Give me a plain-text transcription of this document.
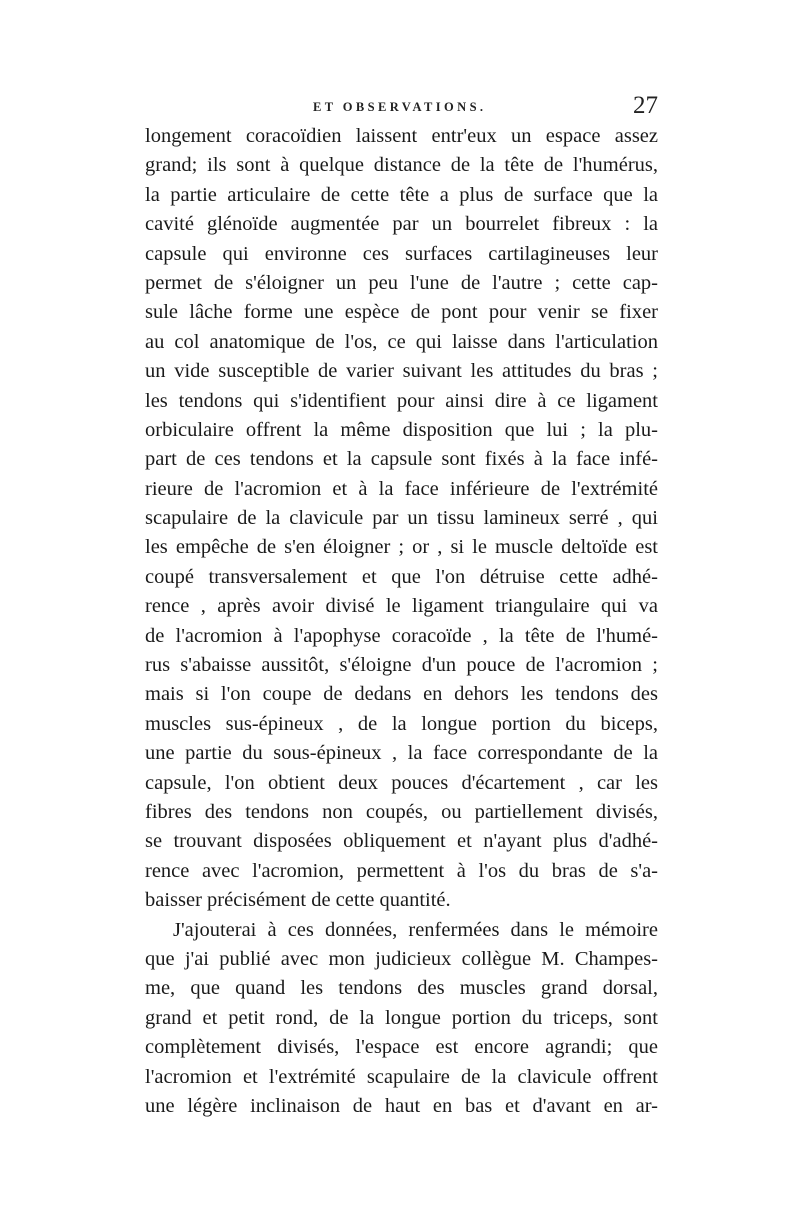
ET OBSERVATIONS.	27
longement coracoïdien laissent entr'eux un espace assez
grand; ils sont à quelque distance de la tête de l'humérus,
la partie articulaire de cette tête a plus de surface que la
cavité glénoïde augmentée par un bourrelet fibreux : la
capsule qui environne ces surfaces cartilagineuses leur
permet de s'éloigner un peu l'une de l'autre ; cette cap-
sule lâche forme une espèce de pont pour venir se fixer
au col anatomique de l'os, ce qui laisse dans l'articulation
un vide susceptible de varier suivant les attitudes du bras ;
les tendons qui s'identifient pour ainsi dire à ce ligament
orbiculaire offrent la même disposition que lui ; la plu-
part de ces tendons et la capsule sont fixés à la face infé-
rieure de l'acromion et à la face inférieure de l'extrémité
scapulaire de la clavicule par un tissu lamineux serré , qui
les empêche de s'en éloigner ; or , si le muscle deltoïde est
coupé transversalement et que l'on détruise cette adhé-
rence , après avoir divisé le ligament triangulaire qui va
de l'acromion à l'apophyse coracoïde , la tête de l'humé-
rus s'abaisse aussitôt, s'éloigne d'un pouce de l'acromion ;
mais si l'on coupe de dedans en dehors les tendons des
muscles sus-épineux , de la longue portion du biceps,
une partie du sous-épineux , la face correspondante de la
capsule, l'on obtient deux pouces d'écartement , car les
fibres des tendons non coupés, ou partiellement divisés,
se trouvant disposées obliquement et n'ayant plus d'adhé-
rence avec l'acromion, permettent à l'os du bras de s'a-
baisser précisément de cette quantité.
J'ajouterai à ces données, renfermées dans le mémoire
que j'ai publié avec mon judicieux collègue M. Champes-
me, que quand les tendons des muscles grand dorsal,
grand et petit rond, de la longue portion du triceps, sont
complètement divisés, l'espace est encore agrandi; que
l'acromion et l'extrémité scapulaire de la clavicule offrent
une légère inclinaison de haut en bas et d'avant en ar-
